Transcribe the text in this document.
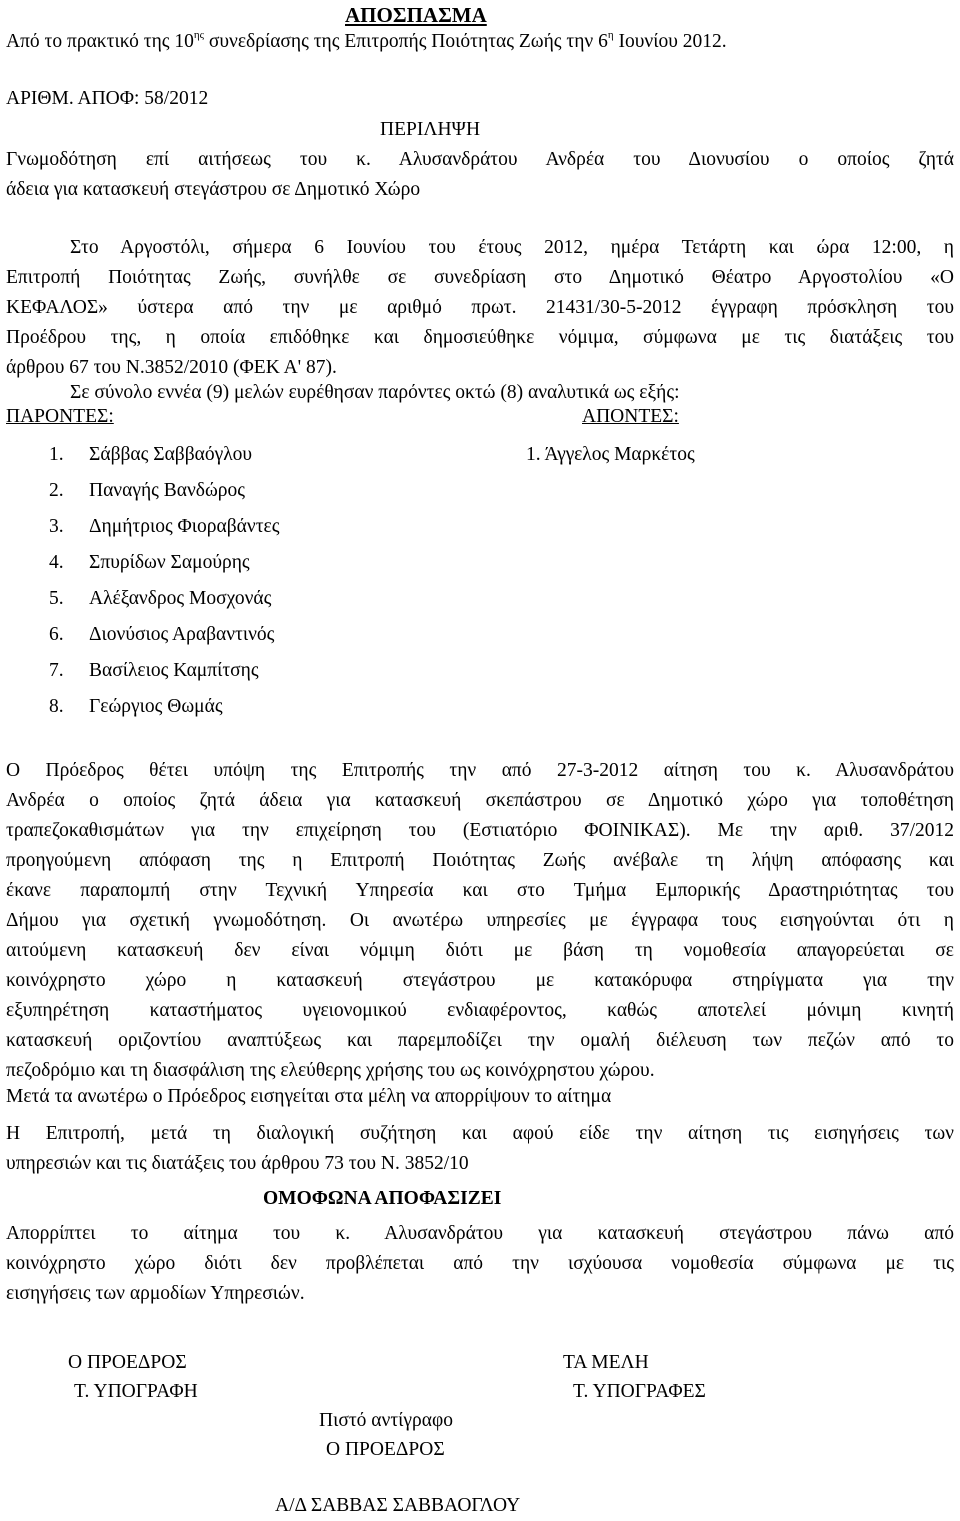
ΑΠΟΣΠΑΣΜΑ
Από το πρακτικό της $10^{\eta\varsigma}$ συνεδρίασης της Επιτροπής Ποιότητας Ζωής την $6^\eta$ Ιουνίου 2012.
ΑΡΙΘΜ. ΑΠΟΦ: 58/2012
ΠΕΡΙΛΗΨΗ
Γνωμοδότηση επί αιτήσεως του κ. Αλυσανδράτου Ανδρέα του Διονυσίου ο οποίος ζητά
άδεια για κατασκευή στεγάστρου σε Δημοτικό Χώρο
Στο Αργοστόλι, σήμερα 6 Ιουνίου του έτους 2012, ημέρα Τετάρτη και ώρα 12:00, η
Επιτροπή Ποιότητας Ζωής, συνήλθε σε συνεδρίαση στο Δημοτικό Θέατρο Αργοστολίου «Ο
ΚΕΦΑΛΟΣ» ύστερα από την με αριθμό πρωτ. 21431/30-5-2012 έγγραφη πρόσκληση του
Προέδρου της, η οποία επιδόθηκε και δημοσιεύθηκε νόμιμα, σύμφωνα με τις διατάξεις του
άρθρου 67 του Ν.3852/2010 (ΦΕΚ Α' 87).
Σε σύνολο εννέα (9) μελών ευρέθησαν παρόντες οκτώ (8) αναλυτικά ως εξής:
ΠΑΡΟΝΤΕΣ:	ΑΠΟΝΤΕΣ:
1. Σάββας Σαββαόγλου
2. Παναγής Βανδώρος
3. Δημήτριος Φιοραβάντες
4. Σπυρίδων Σαμούρης
5. Αλέξανδρος Μοσχονάς
6. Διονύσιος Αραβαντινός
7. Βασίλειος Καμπίτσης
8. Γεώργιος Θωμάς
1. Άγγελος Μαρκέτος
Ο Πρόεδρος θέτει υπόψη της Επιτροπής την από 27-3-2012 αίτηση του κ. Αλυσανδράτου
Ανδρέα ο οποίος ζητά άδεια για κατασκευή σκεπάστρου σε Δημοτικό χώρο για τοποθέτηση
τραπεζοκαθισμάτων για την επιχείρηση του (Εστιατόριο ΦΟΙΝΙΚΑΣ). Με την αριθ. 37/2012
προηγούμενη απόφαση της η Επιτροπή Ποιότητας Ζωής ανέβαλε τη λήψη απόφασης και
έκανε παραπομπή στην Τεχνική Υπηρεσία και στο Τμήμα Εμπορικής Δραστηριότητας του
Δήμου για σχετική γνωμοδότηση. Οι ανωτέρω υπηρεσίες με έγγραφα τους εισηγούνται ότι η
αιτούμενη κατασκευή δεν είναι νόμιμη διότι με βάση τη νομοθεσία απαγορεύεται σε
κοινόχρηστο χώρο η κατασκευή στεγάστρου με κατακόρυφα στηρίγματα για την
εξυπηρέτηση καταστήματος υγειονομικού ενδιαφέροντος, καθώς αποτελεί μόνιμη κινητή
κατασκευή οριζοντίου αναπτύξεως και παρεμποδίζει την ομαλή διέλευση των πεζών από το
πεζοδρόμιο και τη διασφάλιση της ελεύθερης χρήσης του ως κοινόχρηστου χώρου.
Μετά τα ανωτέρω ο Πρόεδρος εισηγείται στα μέλη να απορρίψουν το αίτημα
Η Επιτροπή, μετά τη διαλογική συζήτηση και αφού είδε την αίτηση τις εισηγήσεις των
υπηρεσιών και τις διατάξεις του άρθρου 73 του Ν. 3852/10
ΟΜΟΦΩΝΑ ΑΠΟΦΑΣΙΖΕΙ
Απορρίπτει το αίτημα του κ. Αλυσανδράτου για κατασκευή στεγάστρου πάνω από
κοινόχρηστο χώρο διότι δεν προβλέπεται από την ισχύουσα νομοθεσία σύμφωνα με τις
εισηγήσεις των αρμοδίων Υπηρεσιών.
Ο ΠΡΟΕΔΡΟΣ
Τ. ΥΠΟΓΡΑΦΗ
ΤΑ ΜΕΛΗ
Τ. ΥΠΟΓΡΑΦΕΣ
Πιστό αντίγραφο
Ο ΠΡΟΕΔΡΟΣ
Α/Δ ΣΑΒΒΑΣ ΣΑΒΒΑΟΓΛΟΥ
